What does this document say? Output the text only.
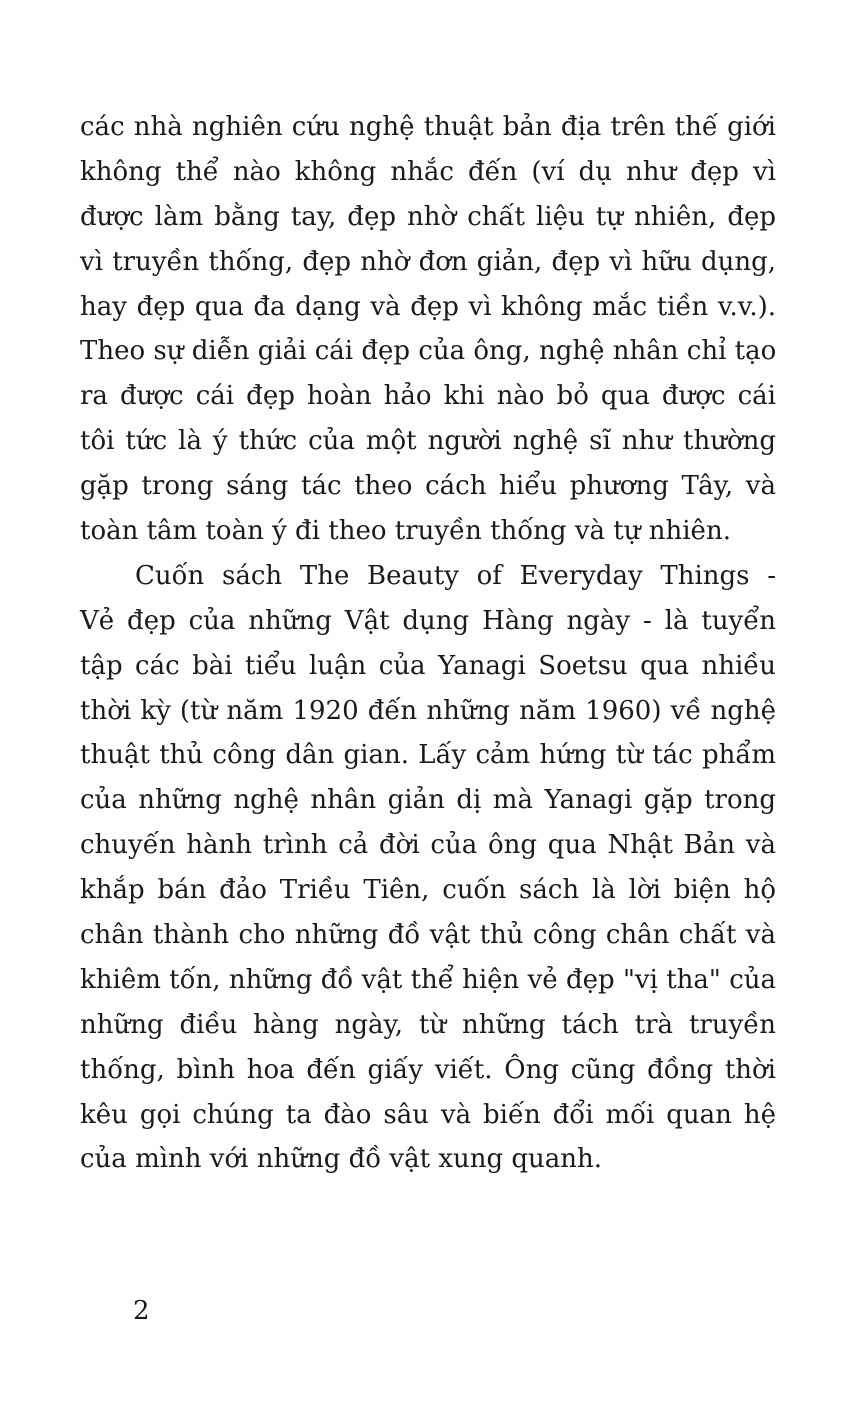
các nhà nghiên cứu nghệ thuật bản địa trên thế giới
không thể nào không nhắc đến (ví dụ như đẹp vì
được làm bằng tay, đẹp nhờ chất liệu tự nhiên, đẹp
vì truyền thống, đẹp nhờ đơn giản, đẹp vì hữu dụng,
hay đẹp qua đa dạng và đẹp vì không mắc tiền v.v.).
Theo sự diễn giải cái đẹp của ông, nghệ nhân chỉ tạo
ra được cái đẹp hoàn hảo khi nào bỏ qua được cái
tôi tức là ý thức của một người nghệ sĩ như thường
gặp trong sáng tác theo cách hiểu phương Tây, và
toàn tâm toàn ý đi theo truyền thống và tự nhiên.
Cuốn sách The Beauty of Everyday Things -
Vẻ đẹp của những Vật dụng Hàng ngày - là tuyển
tập các bài tiểu luận của Yanagi Soetsu qua nhiều
thời kỳ (từ năm 1920 đến những năm 1960) về nghệ
thuật thủ công dân gian. Lấy cảm hứng từ tác phẩm
của những nghệ nhân giản dị mà Yanagi gặp trong
chuyến hành trình cả đời của ông qua Nhật Bản và
khắp bán đảo Triều Tiên, cuốn sách là lời biện hộ
chân thành cho những đồ vật thủ công chân chất và
khiêm tốn, những đồ vật thể hiện vẻ đẹp "vị tha" của
những điều hàng ngày, từ những tách trà truyền
thống, bình hoa đến giấy viết. Ông cũng đồng thời
kêu gọi chúng ta đào sâu và biến đổi mối quan hệ
của mình với những đồ vật xung quanh.
2
